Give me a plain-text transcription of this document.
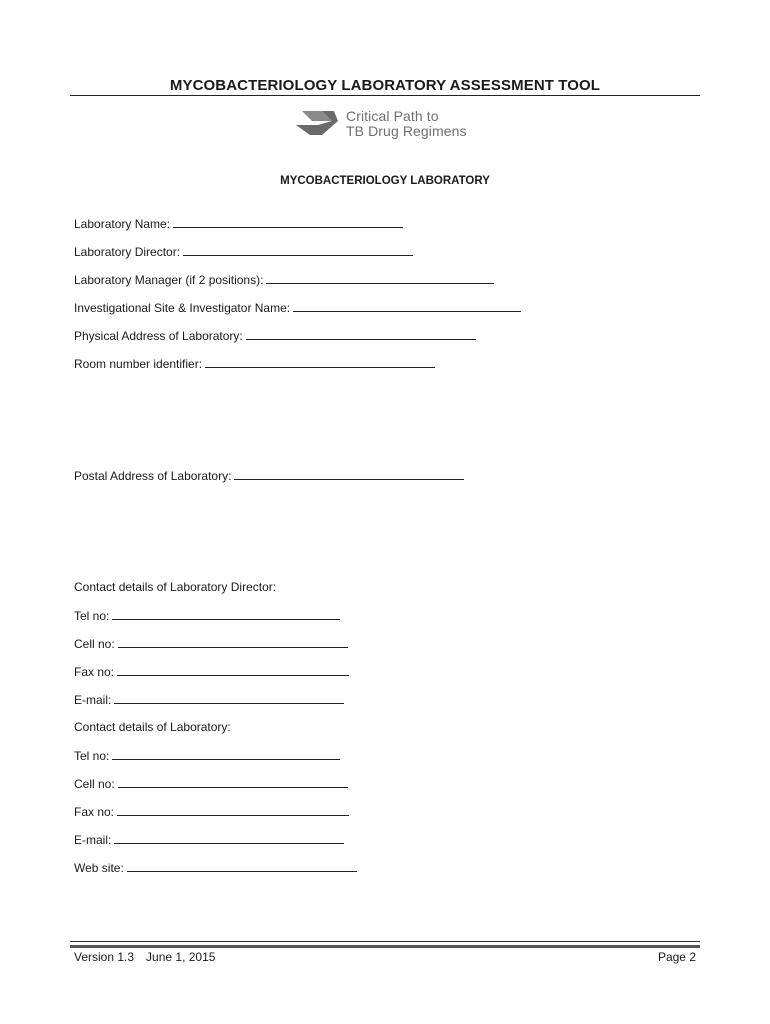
MYCOBACTERIOLOGY LABORATORY ASSESSMENT TOOL
Critical Path to
TB Drug Regimens
MYCOBACTERIOLOGY LABORATORY
Laboratory Name:
Laboratory Director:
Laboratory Manager (if 2 positions):
Investigational Site & Investigator Name:
Physical Address of Laboratory:
Room number identifier:
Postal Address of Laboratory:
Contact details of Laboratory Director:
Tel no:
Cell no:
Fax no:
E-mail:
Contact details of Laboratory:
Tel no:
Cell no:
Fax no:
E-mail:
Web site:
Version 1.3 June 1, 2015	Page 2
